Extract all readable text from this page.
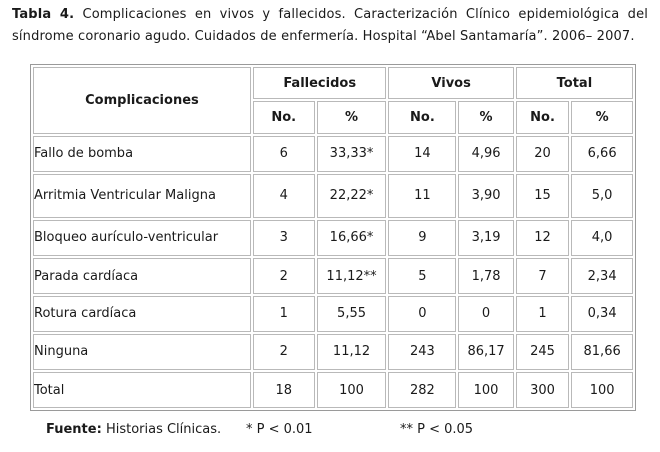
Tabla 4. Complicaciones en vivos y fallecidos. Caracterización Clínico epidemiológica del síndrome coronario agudo. Cuidados de enfermería. Hospital “Abel Santamaría”. 2006– 2007.
Complicaciones	Fallecidos		Vivos		Total	
	No.	%	No.	%	No.	%
Fallo de bomba	6	33,33*	14	4,96	20	6,66
Arritmia Ventricular Maligna	4	22,22*	11	3,90	15	5,0
Bloqueo aurículo-ventricular	3	16,66*	9	3,19	12	4,0
Parada cardíaca	2	11,12**	5	1,78	7	2,34
Rotura cardíaca	1	5,55	0	0	1	0,34
Ninguna	2	11,12	243	86,17	245	81,66
Total	18	100	282	100	300	100
Fuente: Historias Clínicas. * P < 0.01	** P < 0.05
